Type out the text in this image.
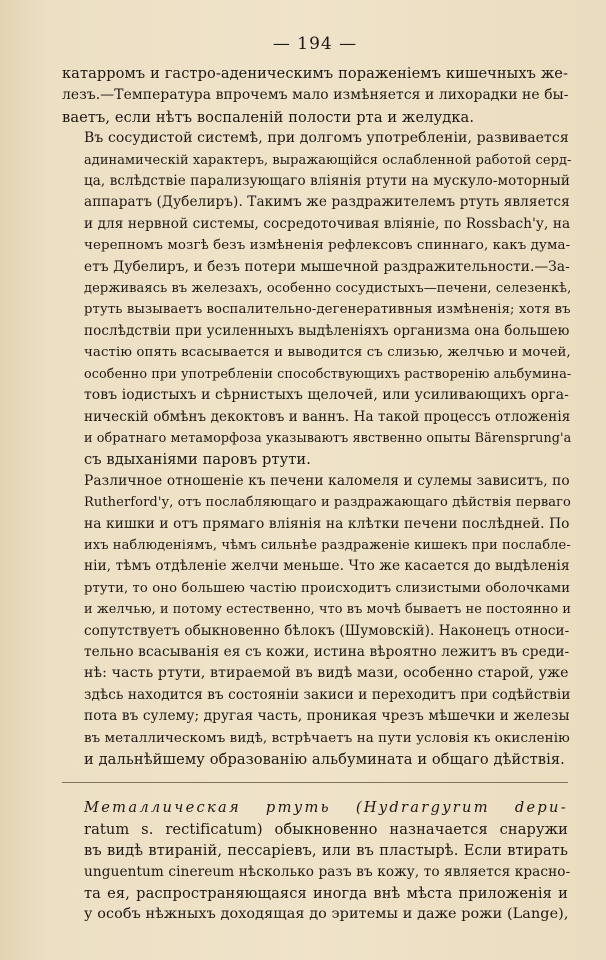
— 194 —
катарромъ и гастро-аденическимъ пораженіемъ кишечныхъ же-
лезъ.—Температура впрочемъ мало измѣняется и лихорадки не бы-
ваетъ, если нѣтъ воспаленій полости рта и желудка.
Въ сосудистой системѣ, при долгомъ употребленіи, развивается
адинамическій характеръ, выражающійся ослабленной работой серд-
ца, вслѣдствіе парализующаго вліянія ртути на мускуло-моторный
аппаратъ (Дубелиръ). Такимъ же раздражителемъ ртуть является
и для нервной системы, сосредоточивая вліяніе, по Rossbach'у, на
черепномъ мозгѣ безъ измѣненія рефлексовъ спиннаго, какъ дума-
етъ Дубелиръ, и безъ потери мышечной раздражительности.—За-
держиваясь въ железахъ, особенно сосудистыхъ—печени, селезенкѣ,
ртуть вызываетъ воспалительно-дегенеративныя измѣненія; хотя въ
послѣдствіи при усиленныхъ выдѣленіяхъ организма она большею
частію опять всасывается и выводится съ слизью, желчью и мочей,
особенно при употребленіи способствующихъ растворенію альбумина-
товъ іодистыхъ и сѣрнистыхъ щелочей, или усиливающихъ орга-
ническій обмѣнъ декоктовъ и ваннъ. На такой процессъ отложенія
и обратнаго метаморфоза указываютъ явственно опыты Bärensprung'а
съ вдыханіями паровъ ртути.
Различное отношеніе къ печени каломеля и сулемы зависитъ, по
Rutherford'у, отъ послабляющаго и раздражающаго дѣйствія перваго
на кишки и отъ прямаго вліянія на клѣтки печени послѣдней. По
ихъ наблюденіямъ, чѣмъ сильнѣе раздраженіе кишекъ при послабле-
ніи, тѣмъ отдѣленіе желчи меньше. Что же касается до выдѣленія
ртути, то оно большею частію происходитъ слизистыми оболочками
и желчью, и потому естественно, что въ мочѣ бываетъ не постоянно и
сопутствуетъ обыкновенно бѣлокъ (Шумовскій). Наконецъ относи-
тельно всасыванія ея съ кожи, истина вѣроятно лежитъ въ среди-
нѣ: часть ртути, втираемой въ видѣ мази, особенно старой, уже
здѣсь находится въ состояніи закиси и переходитъ при содѣйствіи
пота въ сулему; другая часть, проникая чрезъ мѣшечки и железы
въ металлическомъ видѣ, встрѣчаетъ на пути условія къ окисленію
и дальнѣйшему образованію альбумината и общаго дѣйствія.
Металлическая ртуть (Hydrargyrum depu-
ratum s. rectificatum) обыкновенно назначается снаружи
въ видѣ втираній, пессаріевъ, или въ пластырѣ. Если втирать
unguentum cinereum нѣсколько разъ въ кожу, то является красно-
та ея, распространяющаяся иногда внѣ мѣста приложенія и
у особъ нѣжныхъ доходящая до эритемы и даже рожи (Lange),
